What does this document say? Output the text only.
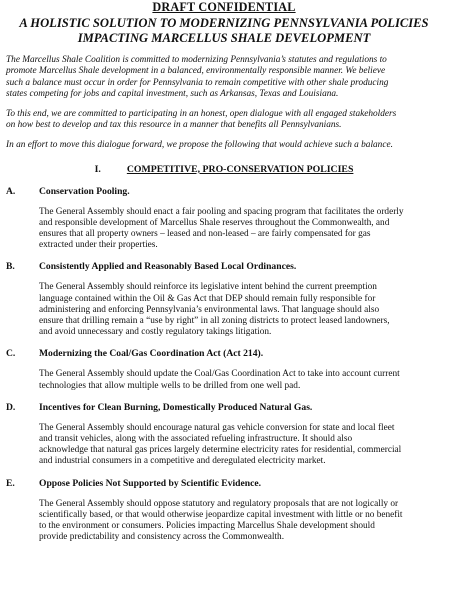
DRAFT CONFIDENTIAL
A HOLISTIC SOLUTION TO MODERNIZING PENNSYLVANIA POLICIES
IMPACTING MARCELLUS SHALE DEVELOPMENT
The Marcellus Shale Coalition is committed to modernizing Pennsylvania’s statutes and regulations to
promote Marcellus Shale development in a balanced, environmentally responsible manner. We believe
such a balance must occur in order for Pennsylvania to remain competitive with other shale producing
states competing for jobs and capital investment, such as Arkansas, Texas and Louisiana.
To this end, we are committed to participating in an honest, open dialogue with all engaged stakeholders
on how best to develop and tax this resource in a manner that benefits all Pennsylvanians.
In an effort to move this dialogue forward, we propose the following that would achieve such a balance.
I.	COMPETITIVE, PRO-CONSERVATION POLICIES
A. Conservation Pooling.
The General Assembly should enact a fair pooling and spacing program that facilitates the orderly
and responsible development of Marcellus Shale reserves throughout the Commonwealth, and
ensures that all property owners – leased and non-leased – are fairly compensated for gas
extracted under their properties.
B.	Consistently Applied and Reasonably Based Local Ordinances.
The General Assembly should reinforce its legislative intent behind the current preemption
language contained within the Oil & Gas Act that DEP should remain fully responsible for
administering and enforcing Pennsylvania’s environmental laws. That language should also
ensure that drilling remain a “use by right” in all zoning districts to protect leased landowners,
and avoid unnecessary and costly regulatory takings litigation.
C. Modernizing the Coal/Gas Coordination Act (Act 214).
The General Assembly should update the Coal/Gas Coordination Act to take into account current
technologies that allow multiple wells to be drilled from one well pad.
D. Incentives for Clean Burning, Domestically Produced Natural Gas.
The General Assembly should encourage natural gas vehicle conversion for state and local fleet
and transit vehicles, along with the associated refueling infrastructure. It should also
acknowledge that natural gas prices largely determine electricity rates for residential, commercial
and industrial consumers in a competitive and deregulated electricity market.
E.	Oppose Policies Not Supported by Scientific Evidence.
The General Assembly should oppose statutory and regulatory proposals that are not logically or
scientifically based, or that would otherwise jeopardize capital investment with little or no benefit
to the environment or consumers. Policies impacting Marcellus Shale development should
provide predictability and consistency across the Commonwealth.
